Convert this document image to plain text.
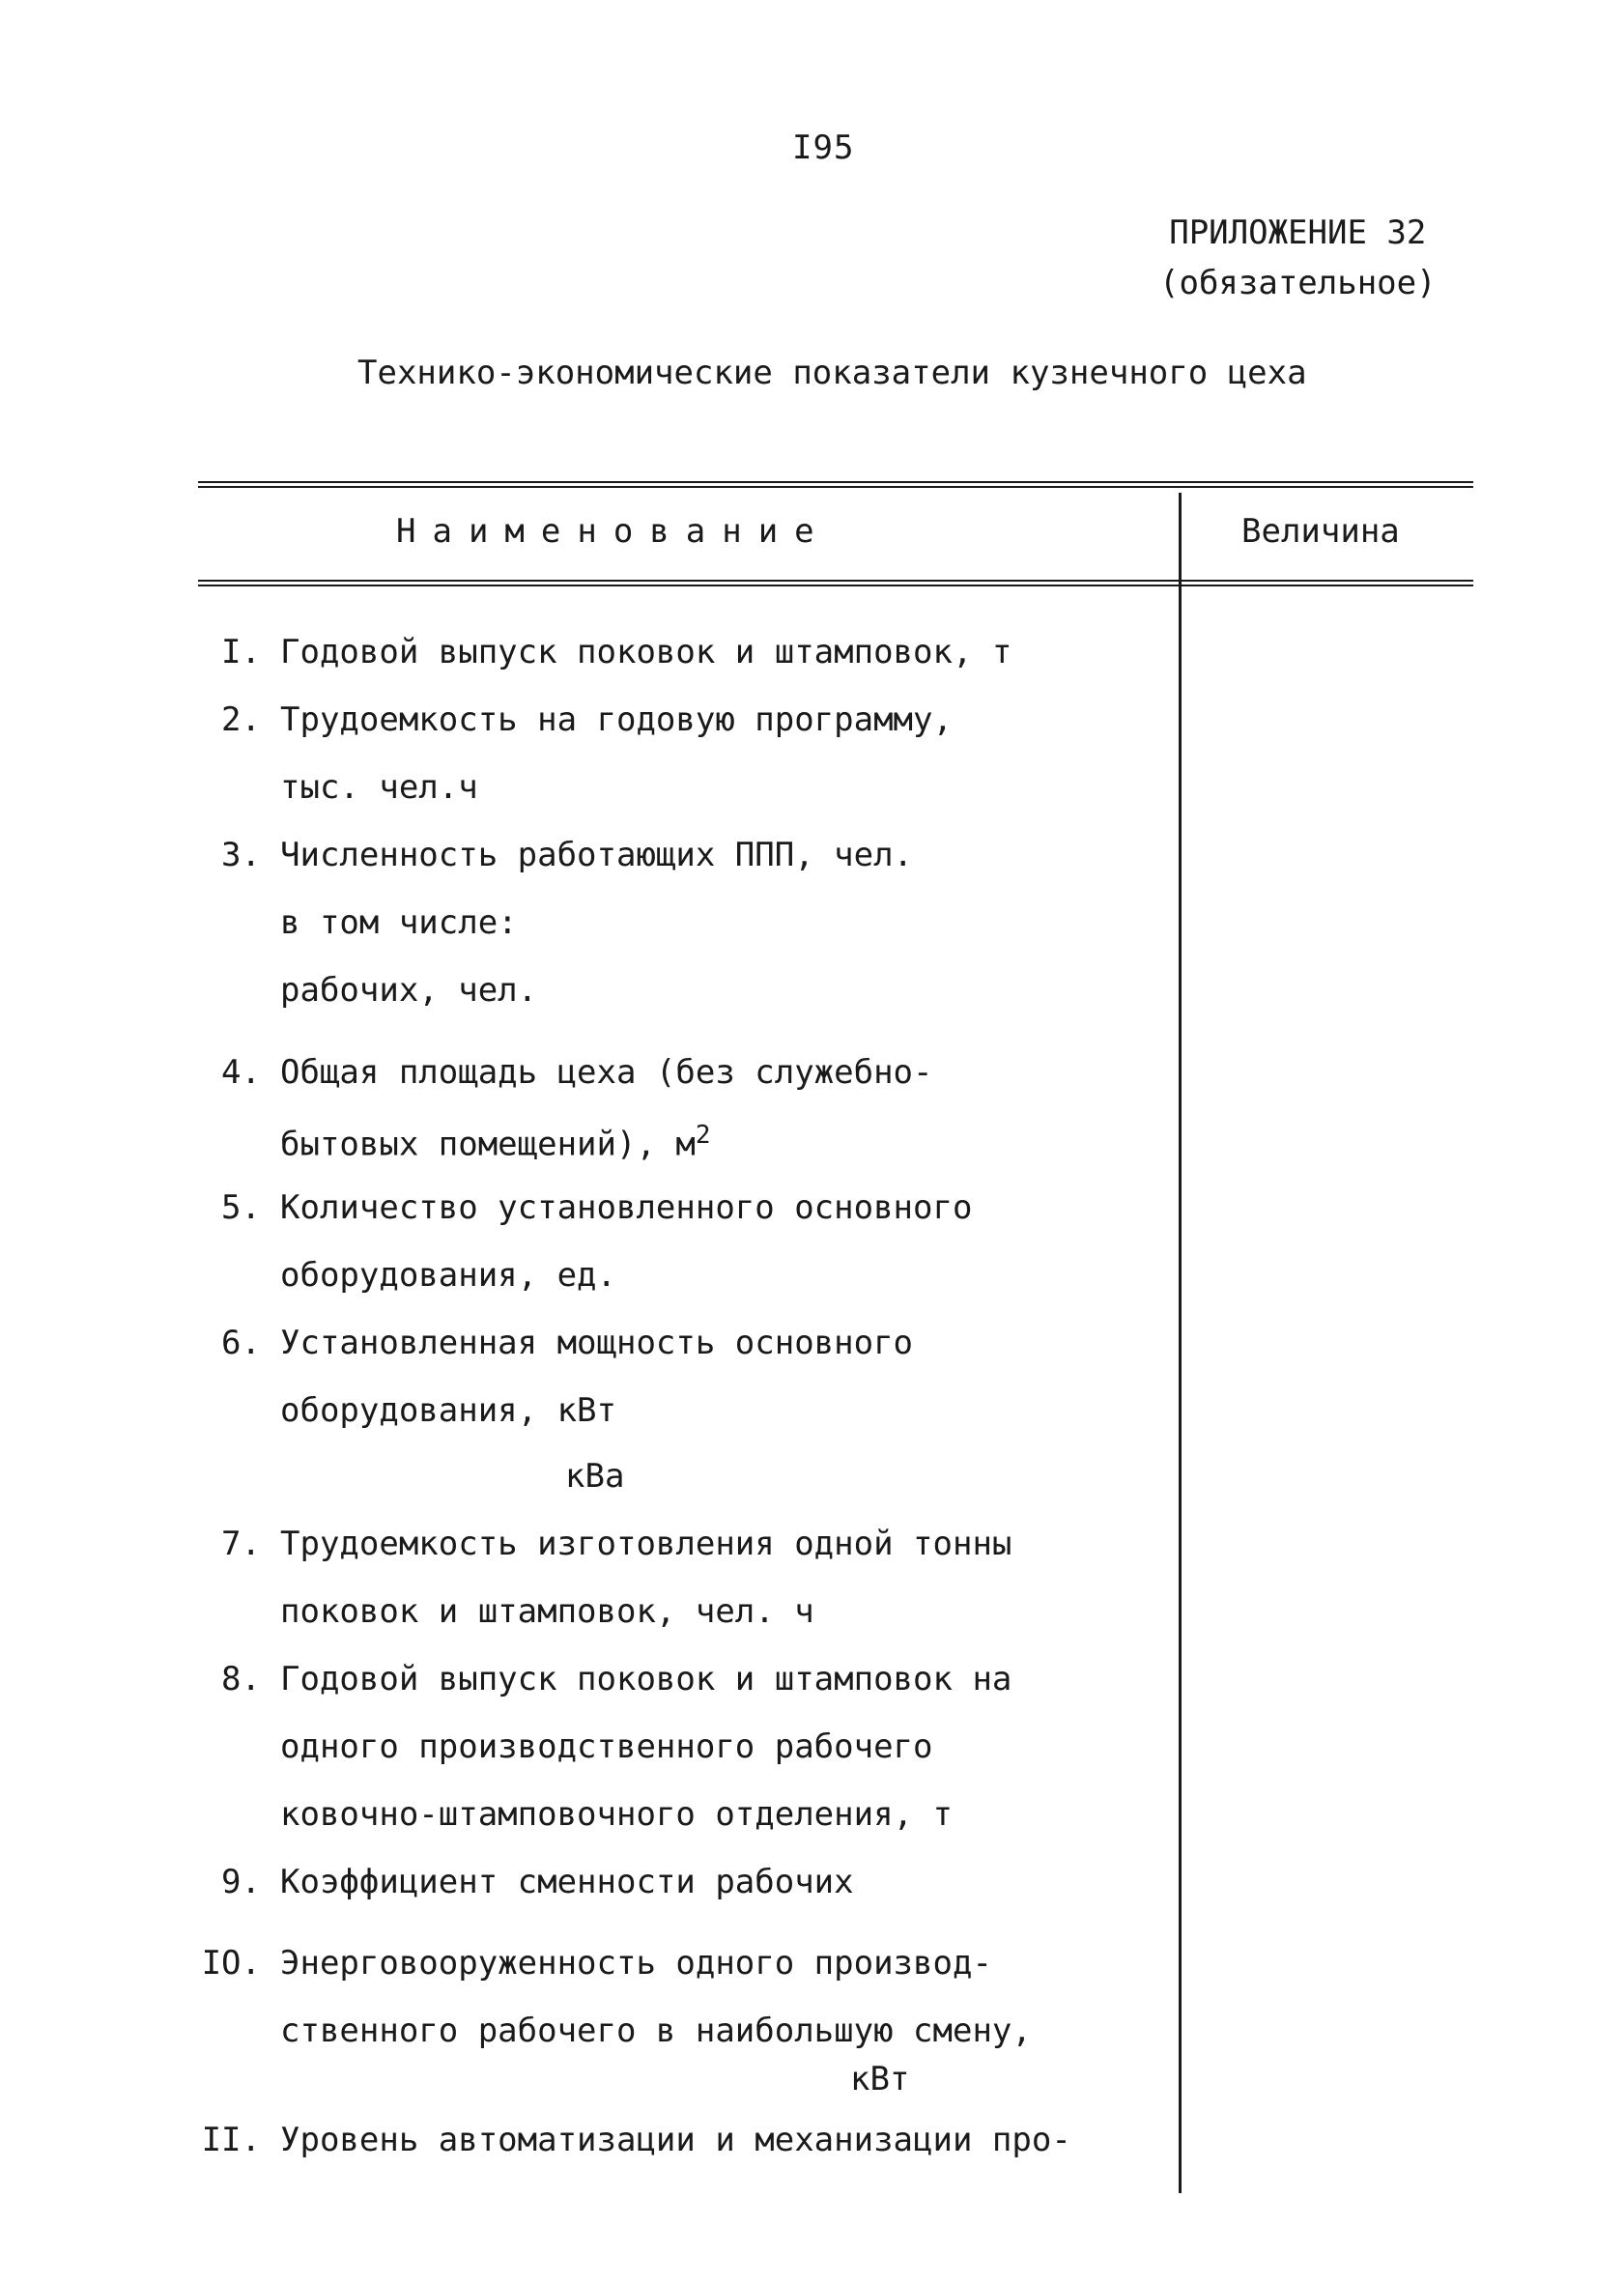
I95
ПРИЛОЖЕНИЕ 32
(обязательное)
Технико-экономические показатели кузнечного цеха
Наименование	Величина
I. Годовой выпуск поковок и штамповок, т
2. Трудоемкость на годовую программу,
тыс. чел.ч
3. Численность работающих ППП, чел.
в том числе:
рабочих, чел.
4. Общая площадь цеха (без служебно-
бытовых помещений), $м^2$
5. Количество установленного основного
оборудования, ед.
6. Установленная мощность основного
оборудования, кВт
кВа
7. Трудоемкость изготовления одной тонны
поковок и штамповок, чел. ч
8. Годовой выпуск поковок и штамповок на
одного производственного рабочего
ковочно-штамповочного отделения, т
9. Коэффициент сменности рабочих
IO. Энерговооруженность одного производ-
ственного рабочего в наибольшую смену,
кВт
II. Уровень автоматизации и механизации про-
